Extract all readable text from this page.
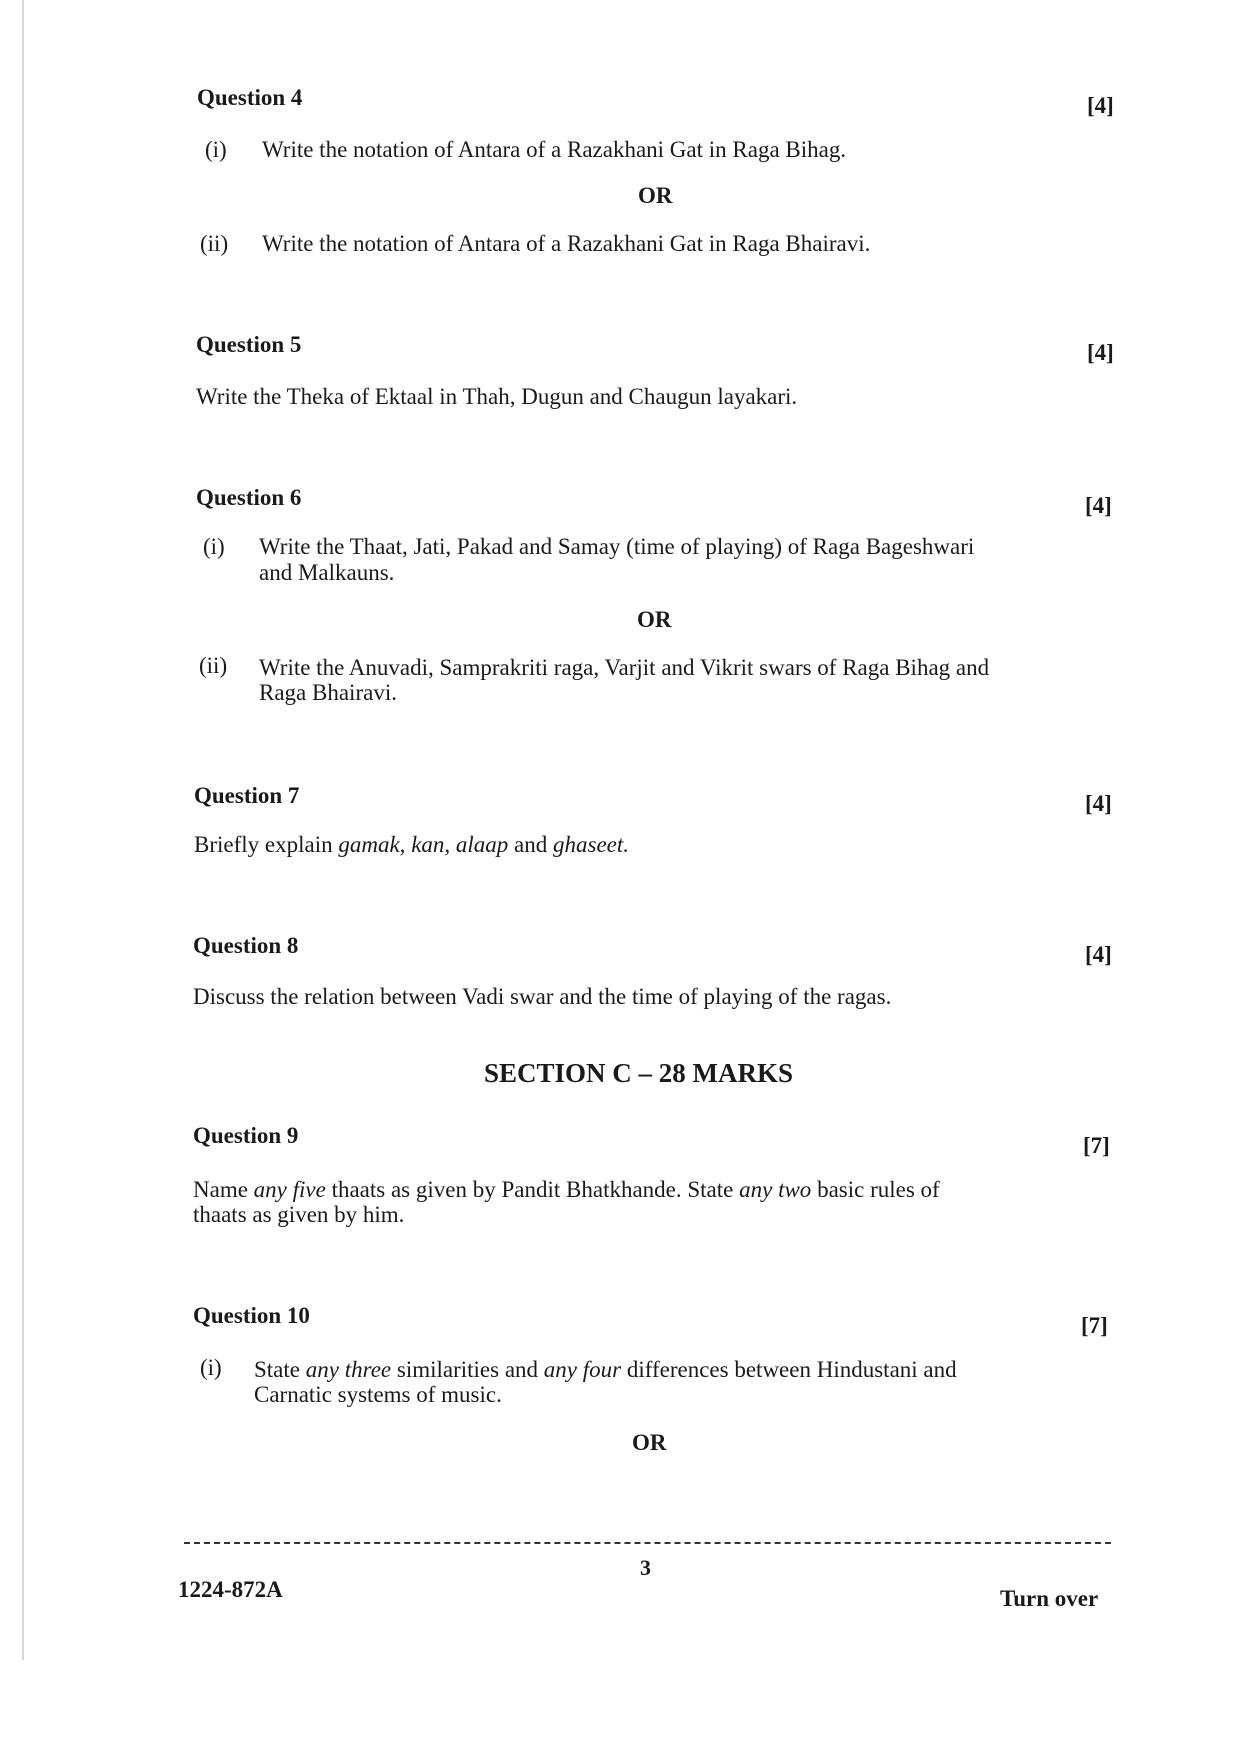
Question 4	[4]
(i) Write the notation of Antara of a Razakhani Gat in Raga Bihag.
OR
(ii) Write the notation of Antara of a Razakhani Gat in Raga Bhairavi.
Question 5	[4]
Write the Theka of Ektaal in Thah, Dugun and Chaugun layakari.
Question 6	[4]
(i) Write the Thaat, Jati, Pakad and Samay (time of playing) of Raga Bageshwari
and Malkauns.
OR
(ii) Write the Anuvadi, Samprakriti raga, Varjit and Vikrit swars of Raga Bihag and
Raga Bhairavi.
Question 7	[4]
Briefly explain gamak, kan, alaap and ghaseet.
Question 8	[4]
Discuss the relation between Vadi swar and the time of playing of the ragas.
SECTION C – 28 MARKS
Question 9	[7]
Name any five thaats as given by Pandit Bhatkhande. State any two basic rules of
thaats as given by him.
Question 10	[7]
(i) State any three similarities and any four differences between Hindustani and
Carnatic systems of music.
OR
3
1224-872A	Turn over
